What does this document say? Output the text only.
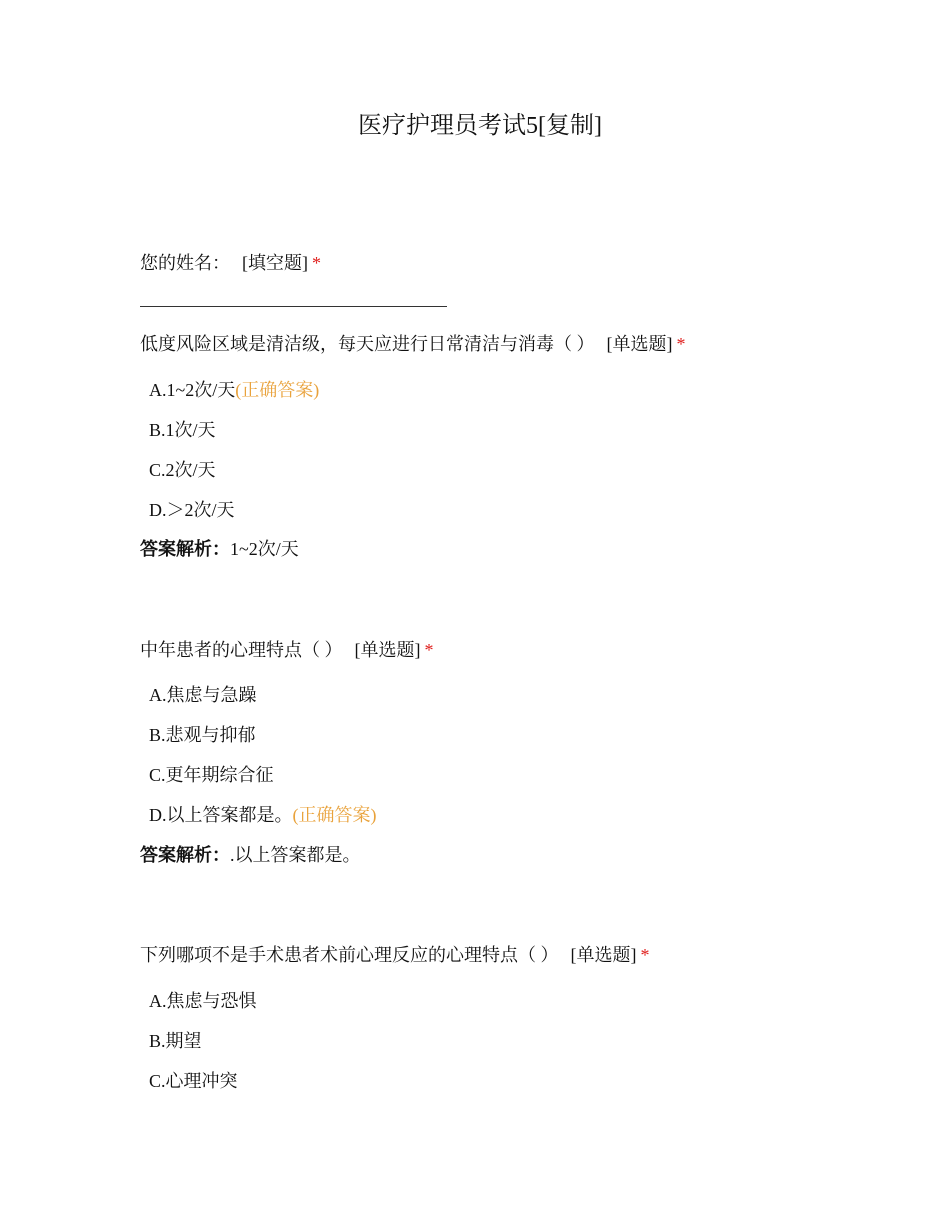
医疗护理员考试5[复制]
您的姓名： [填空题] *
低度风险区域是清洁级，每天应进行日常清洁与消毒（ ） [单选题] *
A.1~2次/天(正确答案)
B.1次/天
C.2次/天
D.＞2次/天
答案解析：1~2次/天
中年患者的心理特点（ ） [单选题] *
A.焦虑与急躁
B.悲观与抑郁
C.更年期综合征
D.以上答案都是。(正确答案)
答案解析：.以上答案都是。
下列哪项不是手术患者术前心理反应的心理特点（ ） [单选题] *
A.焦虑与恐惧
B.期望
C.心理冲突
